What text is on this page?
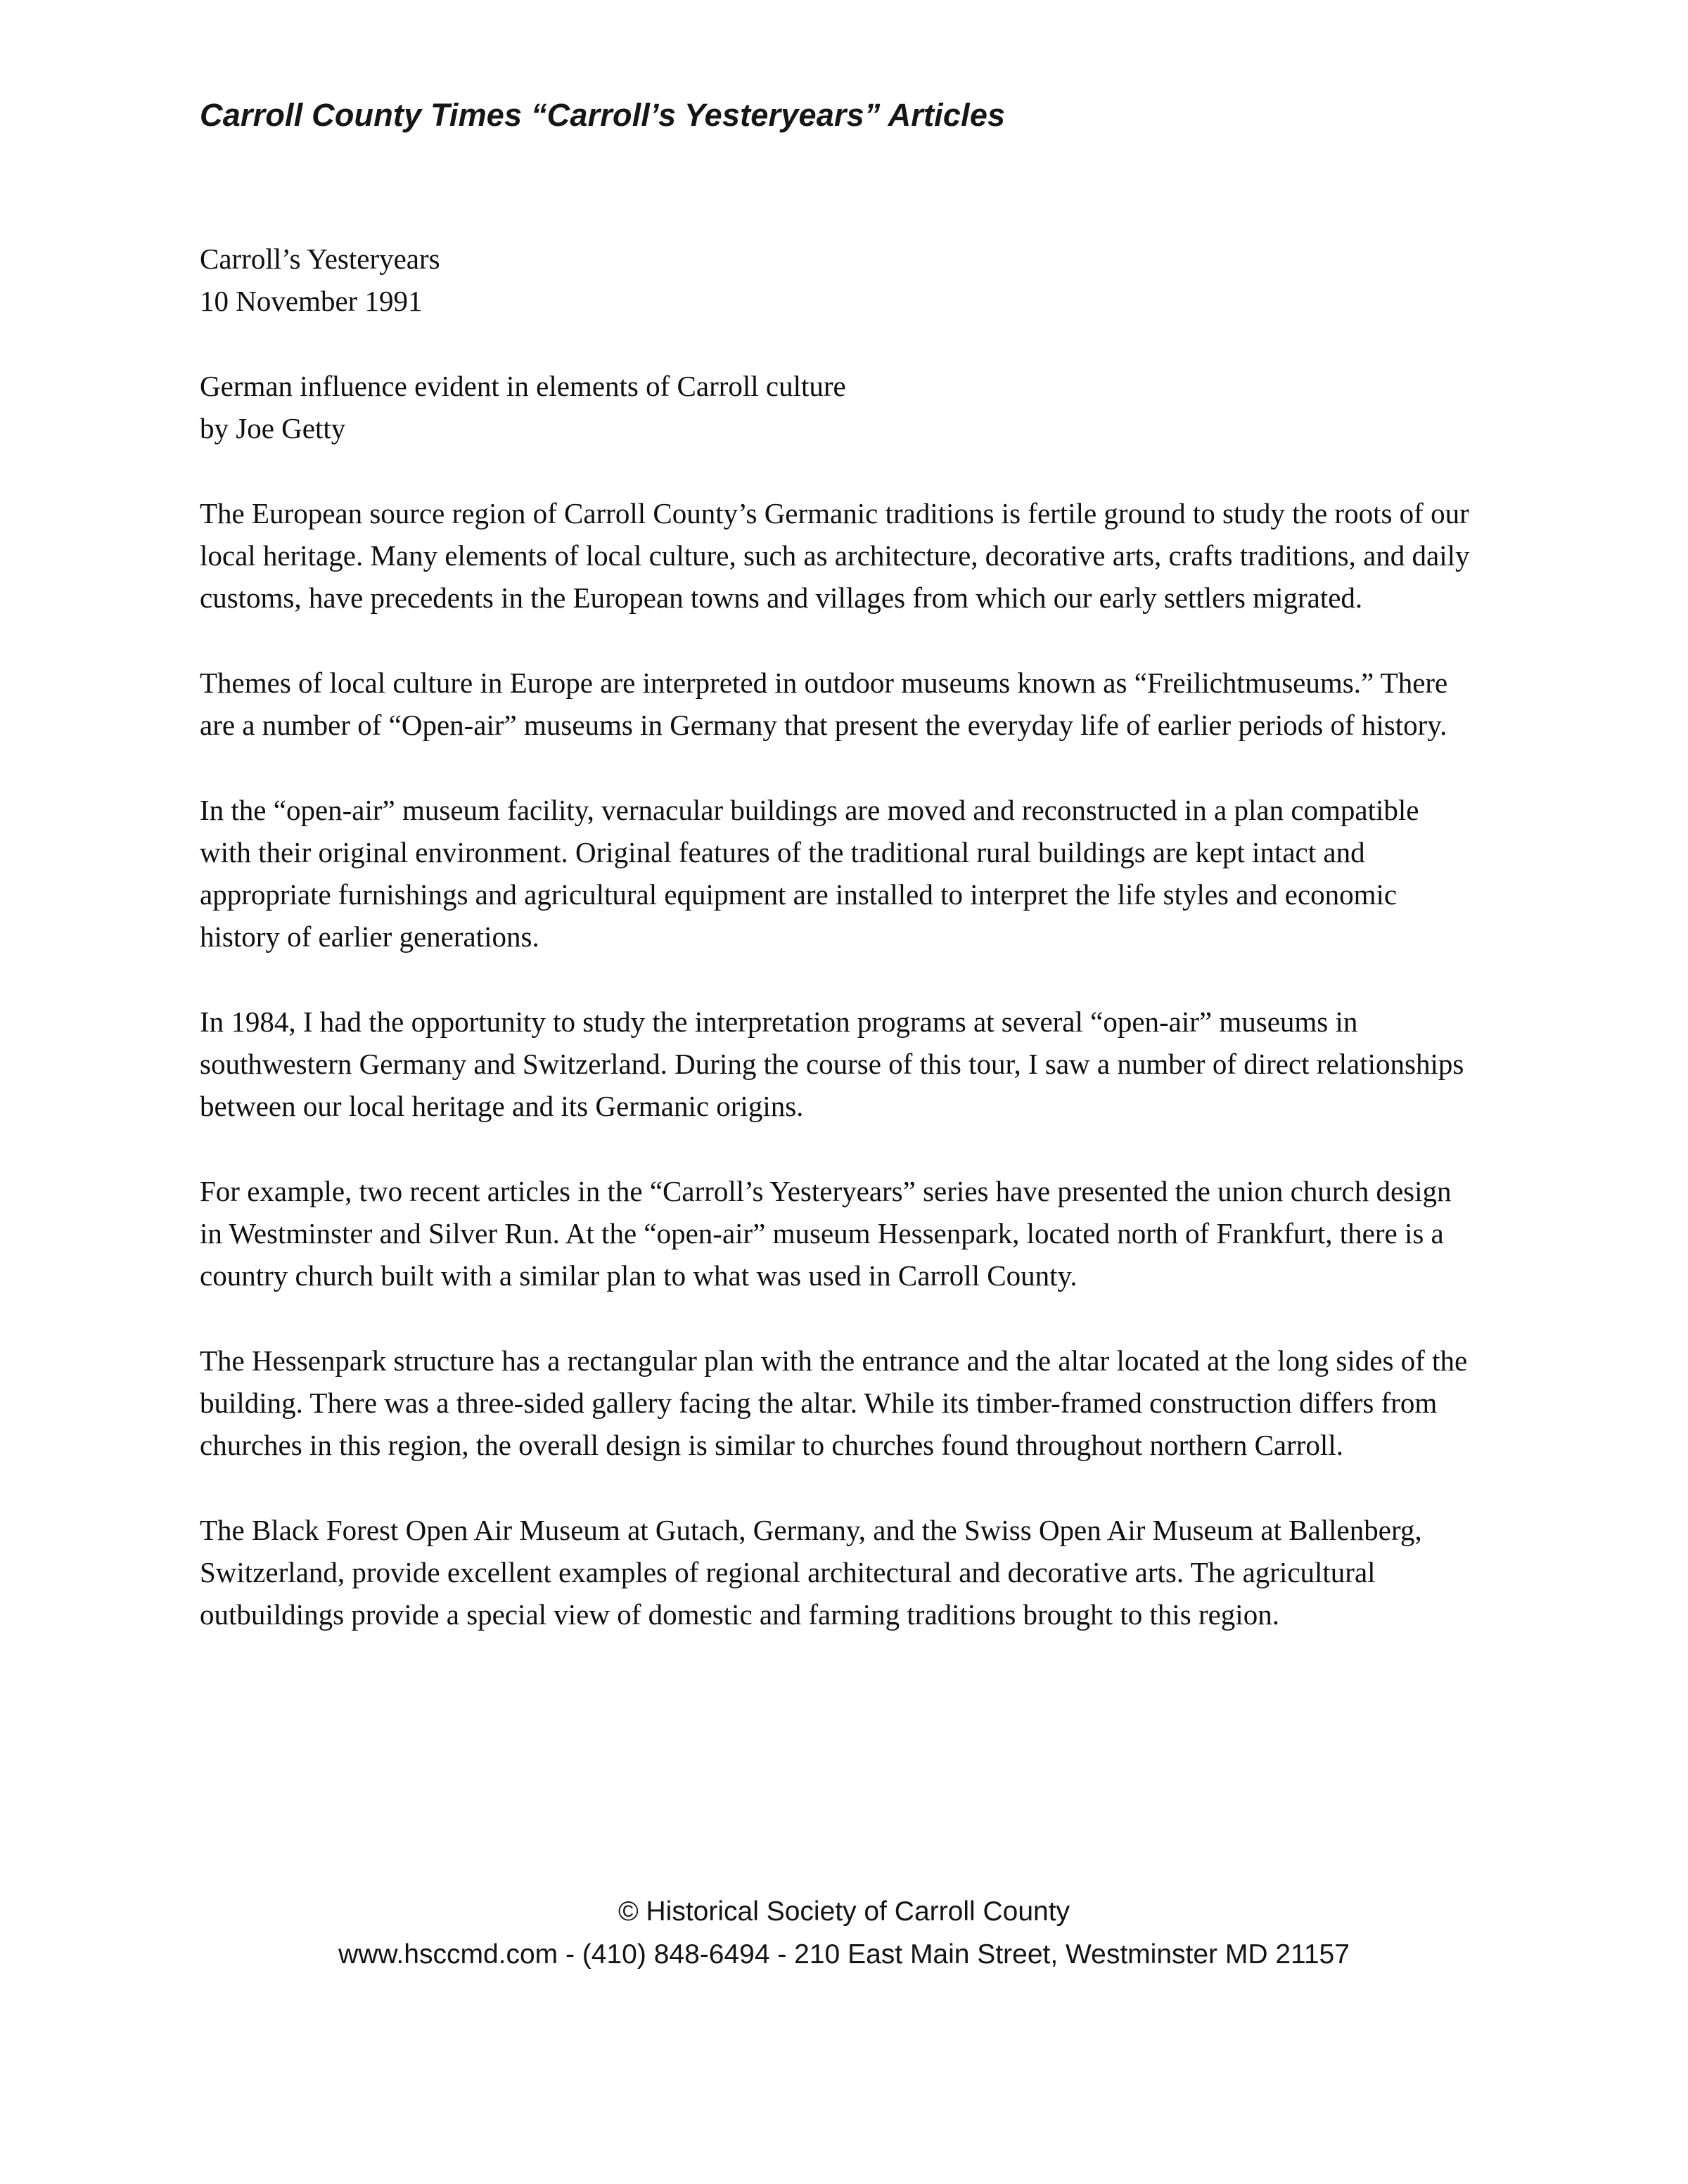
Carroll County Times “Carroll’s Yesteryears” Articles

Carroll’s Yesteryears

10 November 1991

German influence evident in elements of Carroll culture

by Joe Getty

The European source region of Carroll County’s Germanic traditions is fertile ground to study the roots of our local heritage. Many elements of local culture, such as architecture, decorative arts, crafts traditions, and daily customs, have precedents in the European towns and villages from which our early settlers migrated.

Themes of local culture in Europe are interpreted in outdoor museums known as “Freilichtmuseums.” There are a number of “Open-air” museums in Germany that present the everyday life of earlier periods of history.

In the “open-air” museum facility, vernacular buildings are moved and reconstructed in a plan compatible with their original environment. Original features of the traditional rural buildings are kept intact and appropriate furnishings and agricultural equipment are installed to interpret the life styles and economic history of earlier generations.

In 1984, I had the opportunity to study the interpretation programs at several “open-air” museums in southwestern Germany and Switzerland. During the course of this tour, I saw a number of direct relationships between our local heritage and its Germanic origins.

For example, two recent articles in the “Carroll’s Yesteryears” series have presented the union church design in Westminster and Silver Run. At the “open-air” museum Hessenpark, located north of Frankfurt, there is a country church built with a similar plan to what was used in Carroll County.

The Hessenpark structure has a rectangular plan with the entrance and the altar located at the long sides of the building. There was a three-sided gallery facing the altar. While its timber-framed construction differs from churches in this region, the overall design is similar to churches found throughout northern Carroll.

The Black Forest Open Air Museum at Gutach, Germany, and the Swiss Open Air Museum at Ballenberg, Switzerland, provide excellent examples of regional architectural and decorative arts. The agricultural outbuildings provide a special view of domestic and farming traditions brought to this region.

© Historical Society of Carroll County
www.hsccmd.com - (410) 848-6494 - 210 East Main Street, Westminster MD 21157
